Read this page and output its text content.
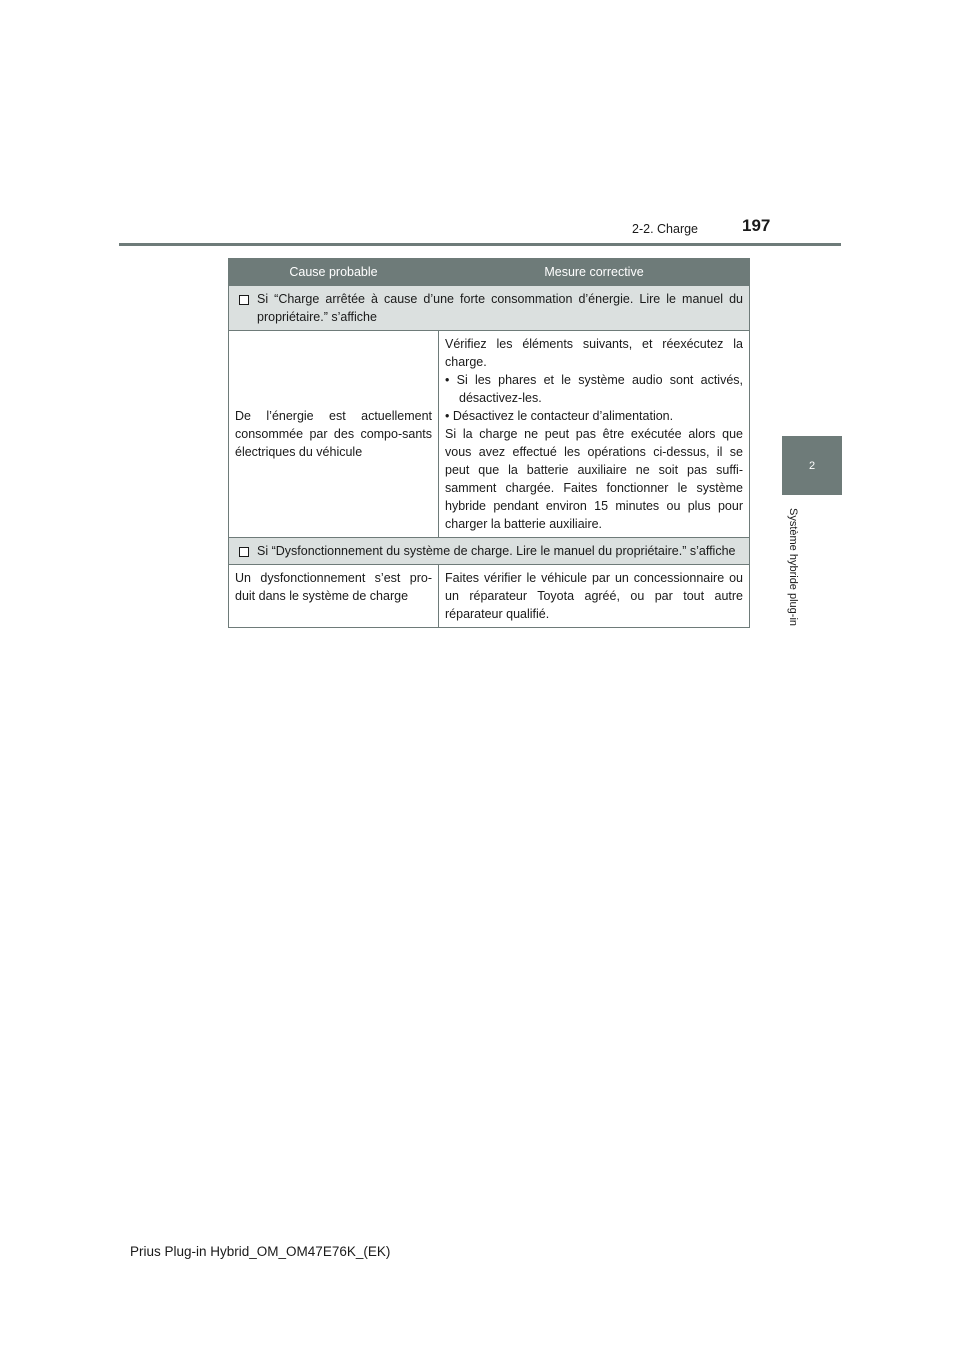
2-2. Charge	197
2
Système hybride plug-in
Cause probable	Mesure corrective

Si “Charge arrêtée à cause d’une forte consommation d’énergie. Lire le manuel du propriétaire.” s’affiche	
De l’énergie est actuellement consommée par des compo-sants électriques du véhicule	Vérifiez les éléments suivants, et réexécutez la charge.
• Si les phares et le système audio sont activés, désactivez-les.
• Désactivez le contacteur d’alimentation.
Si la charge ne peut pas être exécutée alors que vous avez effectué les opérations ci-dessus, il se peut que la batterie auxiliaire ne soit pas suffi-samment chargée. Faites fonctionner le système hybride pendant environ 15 minutes ou plus pour charger la batterie auxiliaire.

Si “Dysfonctionnement du système de charge. Lire le manuel du propriétaire.” s’affiche	
Un dysfonctionnement s’est pro-duit dans le système de charge	Faites vérifier le véhicule par un concessionnaire ou un réparateur Toyota agréé, ou par tout autre réparateur qualifié.
Prius Plug-in Hybrid_OM_OM47E76K_(EK)
